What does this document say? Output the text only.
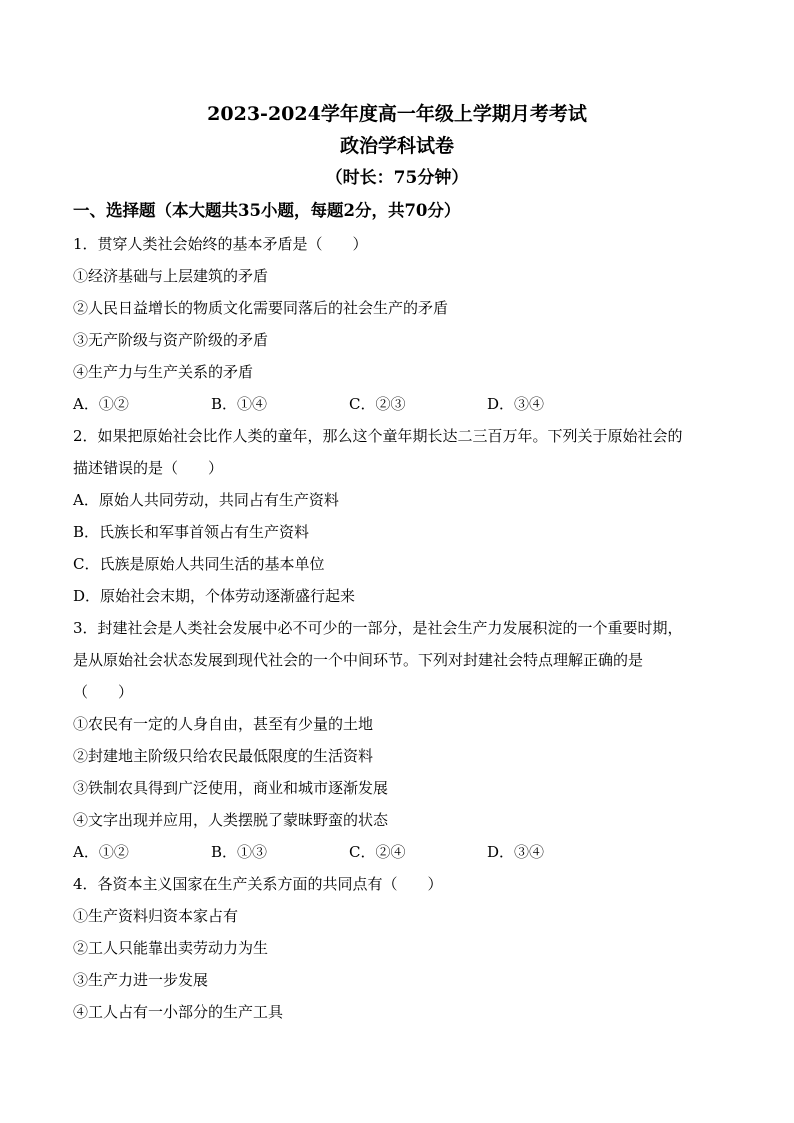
2023-2024学年度高一年级上学期月考考试
政治学科试卷
（时长：75分钟）
一、选择题（本大题共35小题，每题2分，共70分）
1．贯穿人类社会始终的基本矛盾是（　　）
①经济基础与上层建筑的矛盾
②人民日益增长的物质文化需要同落后的社会生产的矛盾
③无产阶级与资产阶级的矛盾
④生产力与生产关系的矛盾
A．①②	B．①④	C．②③	D．③④
2．如果把原始社会比作人类的童年，那么这个童年期长达二三百万年。下列关于原始社会的
描述错误的是（　　）
A．原始人共同劳动，共同占有生产资料
B．氏族长和军事首领占有生产资料
C．氏族是原始人共同生活的基本单位
D．原始社会末期，个体劳动逐渐盛行起来
3．封建社会是人类社会发展中必不可少的一部分，是社会生产力发展积淀的一个重要时期，
是从原始社会状态发展到现代社会的一个中间环节。下列对封建社会特点理解正确的是
（　　）
①农民有一定的人身自由，甚至有少量的土地
②封建地主阶级只给农民最低限度的生活资料
③铁制农具得到广泛使用，商业和城市逐渐发展
④文字出现并应用，人类摆脱了蒙昧野蛮的状态
A．①②	B．①③	C．②④	D．③④
4．各资本主义国家在生产关系方面的共同点有（　　）
①生产资料归资本家占有
②工人只能靠出卖劳动力为生
③生产力进一步发展
④工人占有一小部分的生产工具
